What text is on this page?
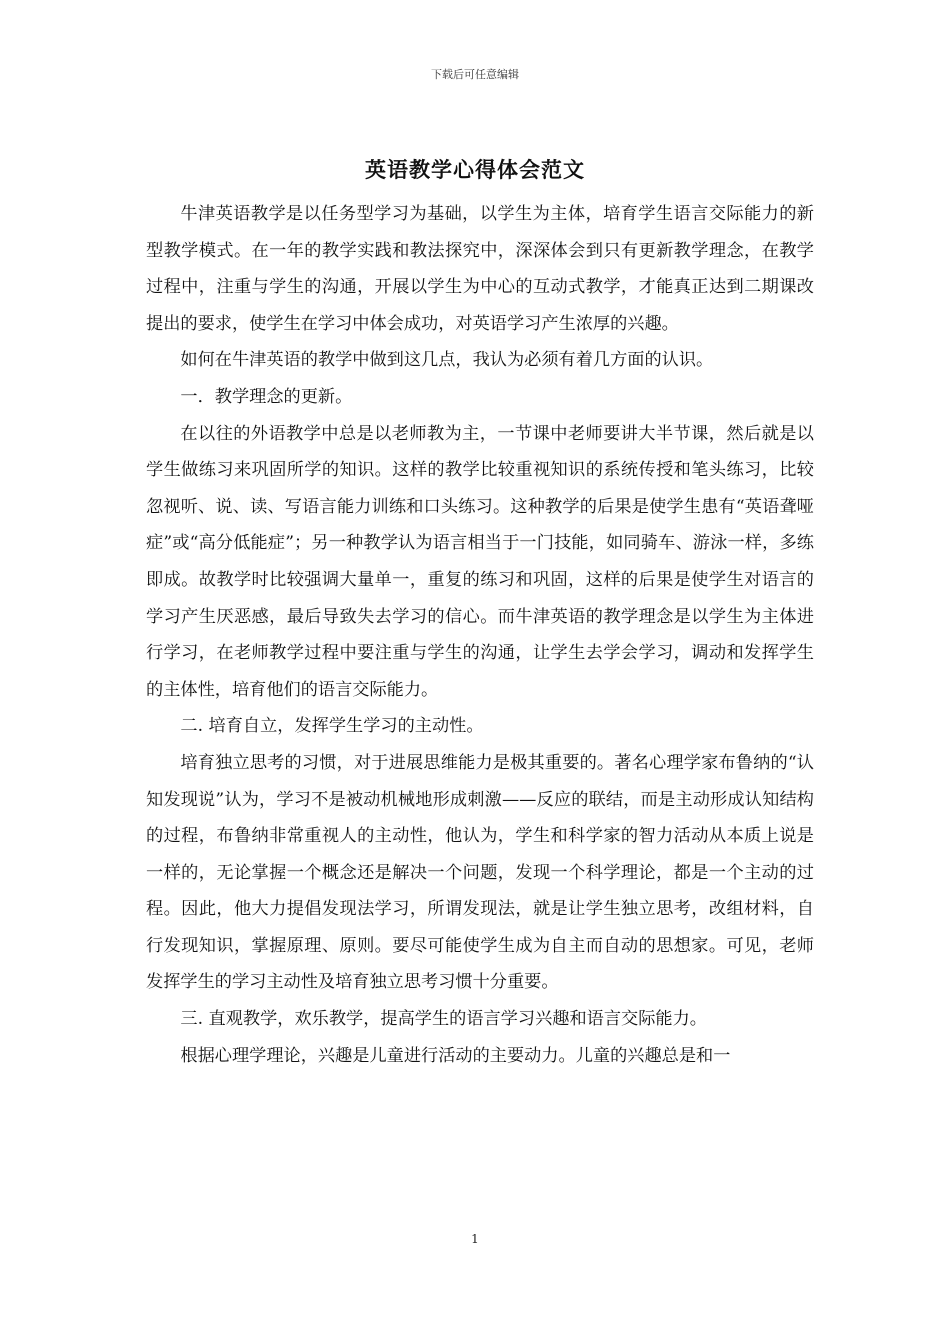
下载后可任意编辑
英语教学心得体会范文

牛津英语教学是以任务型学习为基础，以学生为主体，培育学生语言交际能力的新型教学模式。在一年的教学实践和教法探究中，深深体会到只有更新教学理念，在教学过程中，注重与学生的沟通，开展以学生为中心的互动式教学，才能真正达到二期课改提出的要求，使学生在学习中体会成功，对英语学习产生浓厚的兴趣。

如何在牛津英语的教学中做到这几点，我认为必须有着几方面的认识。

一．教学理念的更新。

在以往的外语教学中总是以老师教为主，一节课中老师要讲大半节课，然后就是以学生做练习来巩固所学的知识。这样的教学比较重视知识的系统传授和笔头练习，比较忽视听、说、读、写语言能力训练和口头练习。这种教学的后果是使学生患有“英语聋哑症”或“高分低能症”；另一种教学认为语言相当于一门技能，如同骑车、游泳一样，多练即成。故教学时比较强调大量单一，重复的练习和巩固，这样的后果是使学生对语言的学习产生厌恶感，最后导致失去学习的信心。而牛津英语的教学理念是以学生为主体进行学习，在老师教学过程中要注重与学生的沟通，让学生去学会学习，调动和发挥学生的主体性，培育他们的语言交际能力。

二. 培育自立，发挥学生学习的主动性。

培育独立思考的习惯，对于进展思维能力是极其重要的。著名心理学家布鲁纳的“认知发现说”认为，学习不是被动机械地形成刺激——反应的联结，而是主动形成认知结构的过程，布鲁纳非常重视人的主动性，他认为，学生和科学家的智力活动从本质上说是一样的，无论掌握一个概念还是解决一个问题，发现一个科学理论，都是一个主动的过程。因此，他大力提倡发现法学习，所谓发现法，就是让学生独立思考，改组材料，自行发现知识，掌握原理、原则。要尽可能使学生成为自主而自动的思想家。可见，老师发挥学生的学习主动性及培育独立思考习惯十分重要。

三. 直观教学，欢乐教学，提高学生的语言学习兴趣和语言交际能力。

根据心理学理论，兴趣是儿童进行活动的主要动力。儿童的兴趣总是和一

1
